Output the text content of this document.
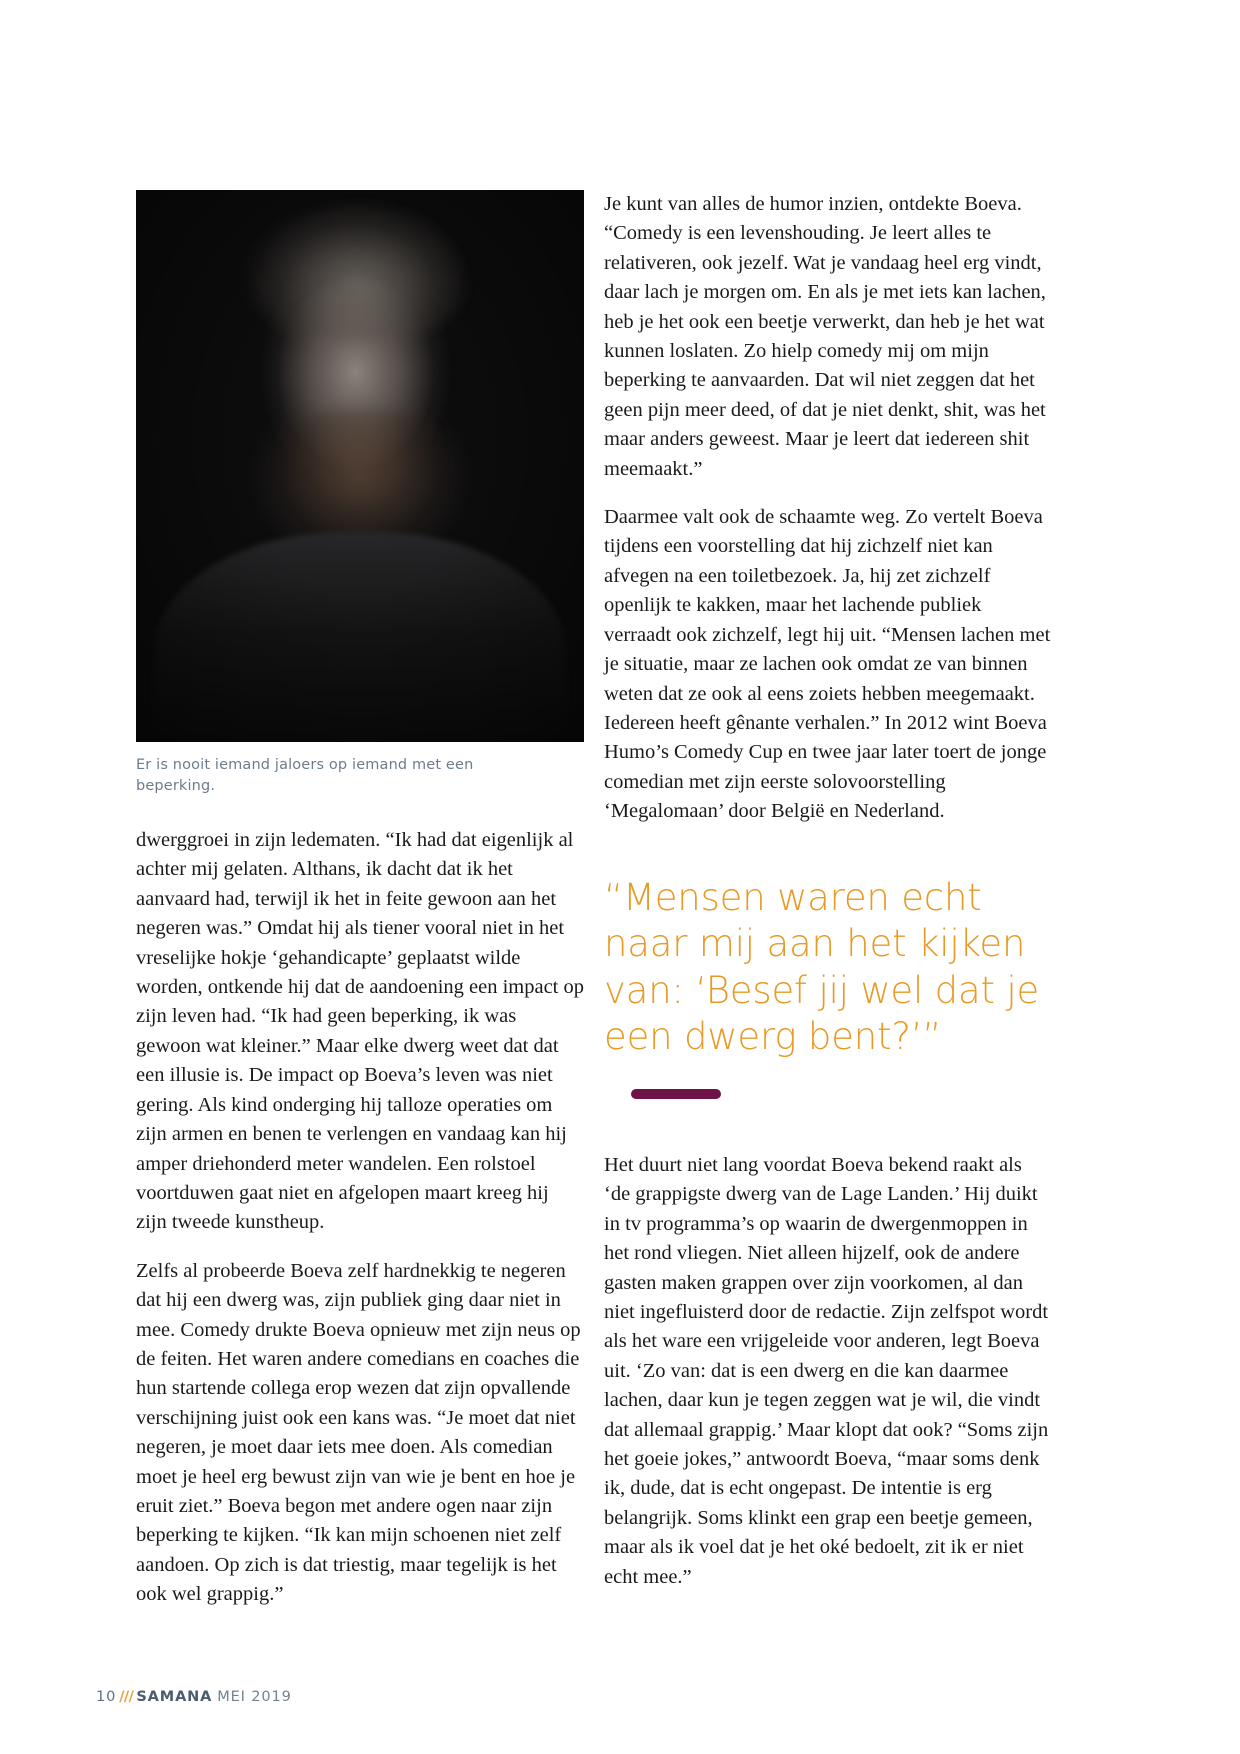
Er is nooit iemand jaloers op iemand met een beperking.

dwerggroei in zijn ledematen. “Ik had dat eigenlijk al achter mij gelaten. Althans, ik dacht dat ik het aanvaard had, terwijl ik het in feite gewoon aan het negeren was.” Omdat hij als tiener vooral niet in het vreselijke hokje ‘gehandicapte’ geplaatst wilde worden, ontkende hij dat de aandoening een impact op zijn leven had. “Ik had geen beperking, ik was gewoon wat kleiner.” Maar elke dwerg weet dat dat een illusie is. De impact op Boeva’s leven was niet gering. Als kind onderging hij talloze operaties om zijn armen en benen te verlengen en vandaag kan hij amper driehonderd meter wandelen. Een rolstoel voortduwen gaat niet en afgelopen maart kreeg hij zijn tweede kunstheup.

Zelfs al probeerde Boeva zelf hardnekkig te negeren dat hij een dwerg was, zijn publiek ging daar niet in mee. Comedy drukte Boeva opnieuw met zijn neus op de feiten. Het waren andere comedians en coaches die hun startende collega erop wezen dat zijn opvallende verschijning juist ook een kans was. “Je moet dat niet negeren, je moet daar iets mee doen. Als comedian moet je heel erg bewust zijn van wie je bent en hoe je eruit ziet.” Boeva begon met andere ogen naar zijn beperking te kijken. “Ik kan mijn schoenen niet zelf aandoen. Op zich is dat triestig, maar tegelijk is het ook wel grappig.”

Je kunt van alles de humor inzien, ontdekte Boeva. “Comedy is een levenshouding. Je leert alles te relativeren, ook jezelf. Wat je vandaag heel erg vindt, daar lach je morgen om. En als je met iets kan lachen, heb je het ook een beetje verwerkt, dan heb je het wat kunnen loslaten. Zo hielp comedy mij om mijn beperking te aanvaarden. Dat wil niet zeggen dat het geen pijn meer deed, of dat je niet denkt, shit, was het maar anders geweest. Maar je leert dat iedereen shit meemaakt.”

Daarmee valt ook de schaamte weg. Zo vertelt Boeva tijdens een voorstelling dat hij zichzelf niet kan afvegen na een toiletbezoek. Ja, hij zet zichzelf openlijk te kakken, maar het lachende publiek verraadt ook zichzelf, legt hij uit. “Mensen lachen met je situatie, maar ze lachen ook omdat ze van binnen weten dat ze ook al eens zoiets hebben meegemaakt. Iedereen heeft gênante verhalen.” In 2012 wint Boeva Humo’s Comedy Cup en twee jaar later toert de jonge comedian met zijn eerste solovoorstelling ‘Megalomaan’ door België en Nederland.

“Mensen waren echt naar mij aan het kijken van: ‘Besef jij wel dat je een dwerg bent?’”

Het duurt niet lang voordat Boeva bekend raakt als ‘de grappigste dwerg van de Lage Landen.’ Hij duikt in tv programma’s op waarin de dwergenmoppen in het rond vliegen. Niet alleen hijzelf, ook de andere gasten maken grappen over zijn voorkomen, al dan niet ingefluisterd door de redactie. Zijn zelfspot wordt als het ware een vrijgeleide voor anderen, legt Boeva uit. ‘Zo van: dat is een dwerg en die kan daarmee lachen, daar kun je tegen zeggen wat je wil, die vindt dat allemaal grappig.’ Maar klopt dat ook? “Soms zijn het goeie jokes,” antwoordt Boeva, “maar soms denk ik, dude, dat is echt ongepast. De intentie is erg belangrijk. Soms klinkt een grap een beetje gemeen, maar als ik voel dat je het oké bedoelt, zit ik er niet echt mee.”

10 /// SAMANA MEI 2019
